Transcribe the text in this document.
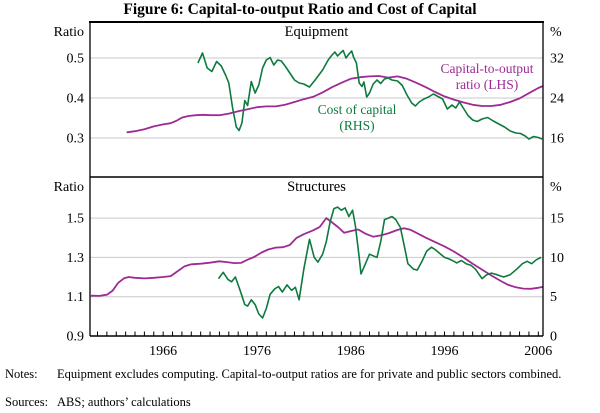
Figure 6: Capital-to-output Ratio and Cost of Capital
0.3	16
0.4	24
0.5	32
Ratio	%
Equipment
Capital-to-output
ratio (LHS)
Cost of capital
(RHS)
0.9	0
1.1	5
1.3	10
1.5	15
Ratio	%
Structures
1966	1976	1986	1996	2006
Notes:	Equipment excludes computing. Capital-to-output ratios are for private and public sectors combined.
Sources: ABS; authors’ calculations
